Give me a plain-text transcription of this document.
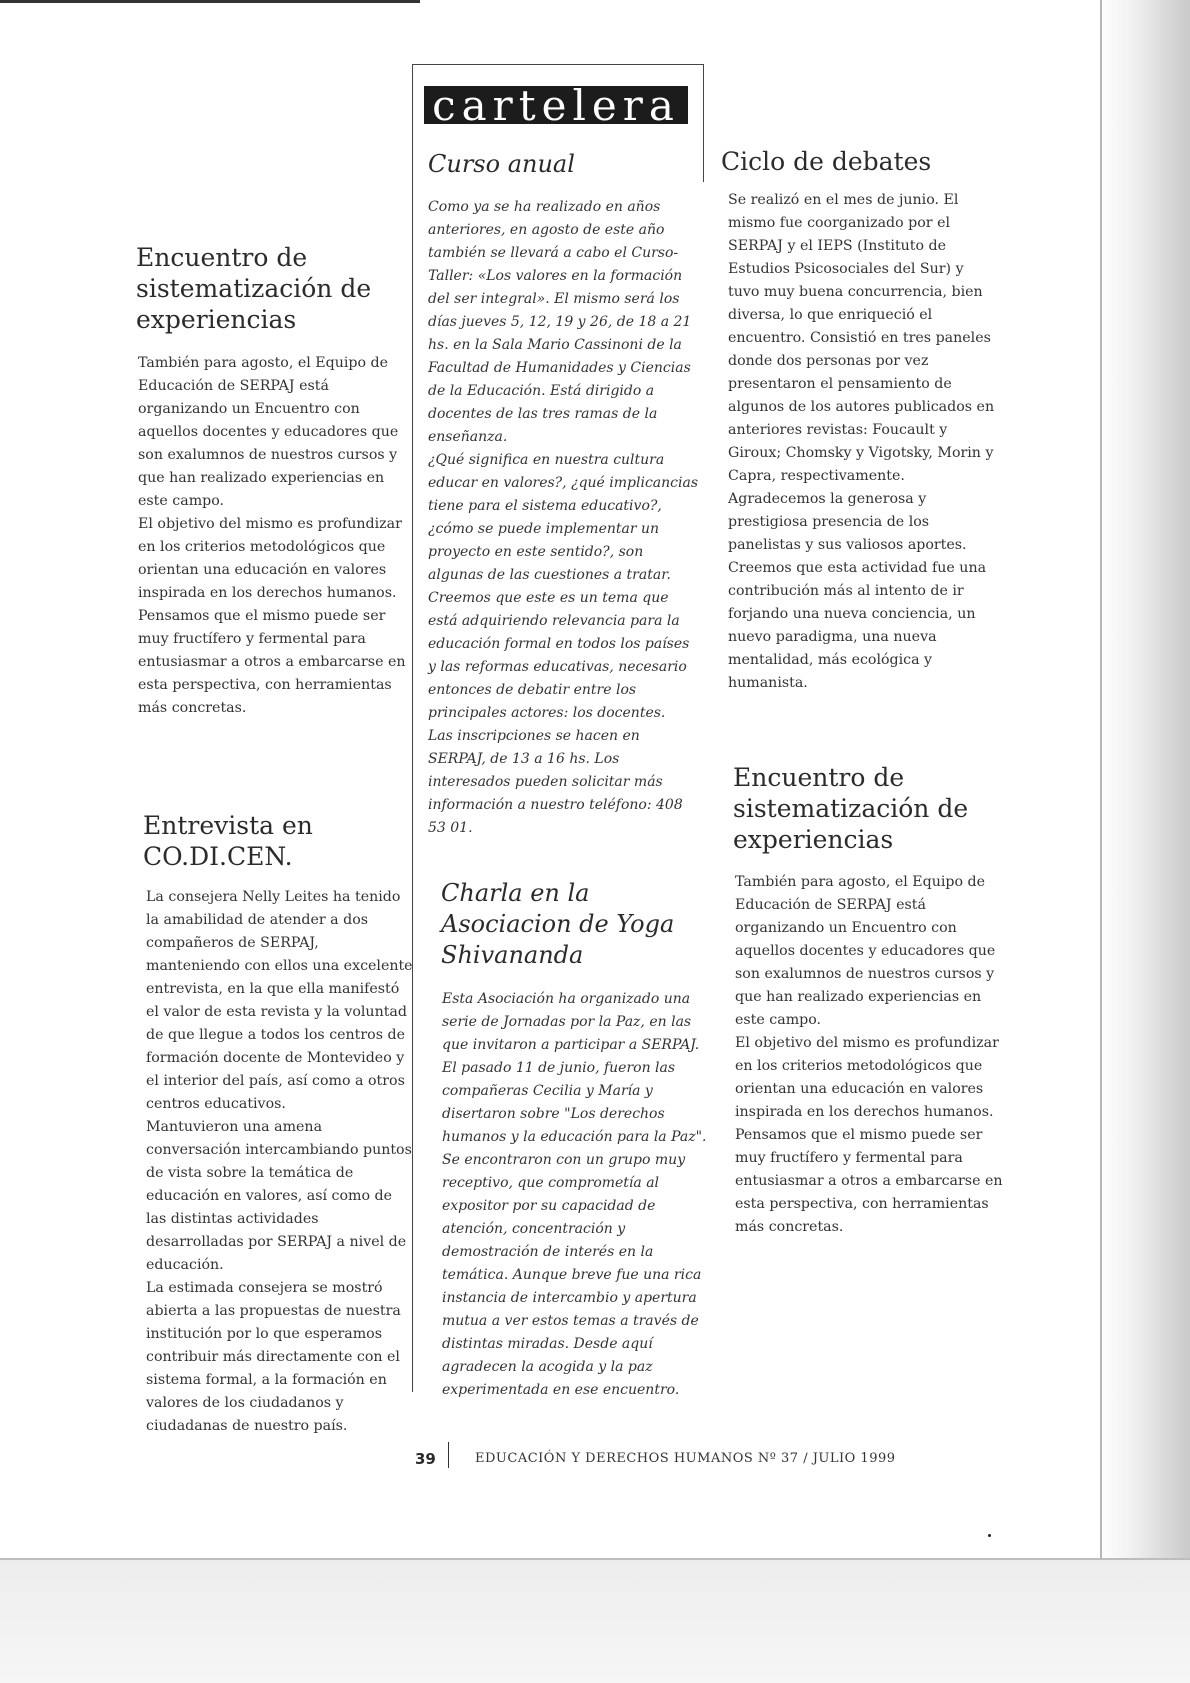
cartelera
Encuentro de sistematización de experiencias

También para agosto, el Equipo de Educación de SERPAJ está organizando un Encuentro con aquellos docentes y educadores que son exalumnos de nuestros cursos y que han realizado experiencias en este campo.

El objetivo del mismo es profundizar en los criterios metodológicos que orientan una educación en valores inspirada en los derechos humanos. Pensamos que el mismo puede ser muy fructífero y fermental para entusiasmar a otros a embarcarse en esta perspectiva, con herramientas más concretas.

Entrevista en CO.DI.CEN.

La consejera Nelly Leites ha tenido la amabilidad de atender a dos compañeros de SERPAJ, manteniendo con ellos una excelente entrevista, en la que ella manifestó el valor de esta revista y la voluntad de que llegue a todos los centros de formación docente de Montevideo y el interior del país, así como a otros centros educativos.

Mantuvieron una amena conversación intercambiando puntos de vista sobre la temática de educación en valores, así como de las distintas actividades desarrolladas por SERPAJ a nivel de educación.

La estimada consejera se mostró abierta a las propuestas de nuestra institución por lo que esperamos contribuir más directamente con el sistema formal, a la formación en valores de los ciudadanos y ciudadanas de nuestro país.

Curso anual

Como ya se ha realizado en años anteriores, en agosto de este año también se llevará a cabo el Curso-Taller: «Los valores en la formación del ser integral». El mismo será los días jueves 5, 12, 19 y 26, de 18 a 21 hs. en la Sala Mario Cassinoni de la Facultad de Humanidades y Ciencias de la Educación. Está dirigido a docentes de las tres ramas de la enseñanza.

¿Qué significa en nuestra cultura educar en valores?, ¿qué implicancias tiene para el sistema educativo?, ¿cómo se puede implementar un proyecto en este sentido?, son algunas de las cuestiones a tratar. Creemos que este es un tema que está adquiriendo relevancia para la educación formal en todos los países y las reformas educativas, necesario entonces de debatir entre los principales actores: los docentes.

Las inscripciones se hacen en SERPAJ, de 13 a 16 hs. Los interesados pueden solicitar más información a nuestro teléfono: 408 53 01.

Charla en la Asociacion de Yoga Shivananda

Esta Asociación ha organizado una serie de Jornadas por la Paz, en las que invitaron a participar a SERPAJ. El pasado 11 de junio, fueron las compañeras Cecilia y María y disertaron sobre "Los derechos humanos y la educación para la Paz". Se encontraron con un grupo muy receptivo, que comprometía al expositor por su capacidad de atención, concentración y demostración de interés en la temática. Aunque breve fue una rica instancia de intercambio y apertura mutua a ver estos temas a través de distintas miradas. Desde aquí agradecen la acogida y la paz experimentada en ese encuentro.

Ciclo de debates

Se realizó en el mes de junio. El mismo fue coorganizado por el SERPAJ y el IEPS (Instituto de Estudios Psicosociales del Sur) y tuvo muy buena concurrencia, bien diversa, lo que enriqueció el encuentro. Consistió en tres paneles donde dos personas por vez presentaron el pensamiento de algunos de los autores publicados en anteriores revistas: Foucault y Giroux; Chomsky y Vigotsky, Morin y Capra, respectivamente. Agradecemos la generosa y prestigiosa presencia de los panelistas y sus valiosos aportes. Creemos que esta actividad fue una contribución más al intento de ir forjando una nueva conciencia, un nuevo paradigma, una nueva mentalidad, más ecológica y humanista.

Encuentro de sistematización de experiencias

También para agosto, el Equipo de Educación de SERPAJ está organizando un Encuentro con aquellos docentes y educadores que son exalumnos de nuestros cursos y que han realizado experiencias en este campo.

El objetivo del mismo es profundizar en los criterios metodológicos que orientan una educación en valores inspirada en los derechos humanos. Pensamos que el mismo puede ser muy fructífero y fermental para entusiasmar a otros a embarcarse en esta perspectiva, con herramientas más concretas.

39	EDUCACIÓN Y DERECHOS HUMANOS Nº 37 / JULIO 1999
